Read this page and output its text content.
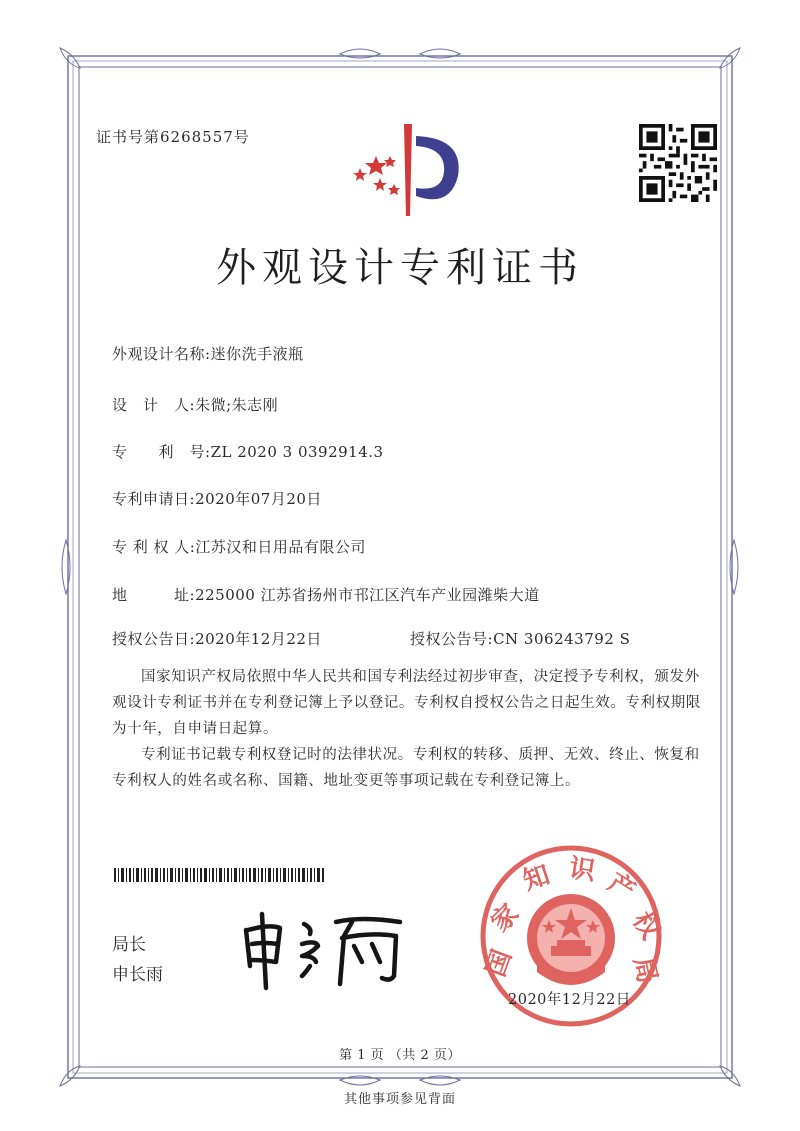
证书号第6268557号
外观设计专利证书
外观设计名称:迷你洗手液瓶
设　计　人:朱微;朱志刚
专　　利　号:ZL 2020 3 0392914.3
专利申请日:2020年07月20日
专 利 权 人:江苏汉和日用品有限公司
地　　　址:225000 江苏省扬州市邗江区汽车产业园潍柴大道
授权公告日:2020年12月22日	授权公告号:CN 306243792 S

国家知识产权局依照中华人民共和国专利法经过初步审查，决定授予专利权，颁发外观设计专利证书并在专利登记簿上予以登记。专利权自授权公告之日起生效。专利权期限为十年，自申请日起算。

专利证书记载专利权登记时的法律状况。专利权的转移、质押、无效、终止、恢复和专利权人的姓名或名称、国籍、地址变更等事项记载在专利登记簿上。

局长
申长雨	国
家
知 识 产
权
局
2020年12月22日
第 1 页 （共 2 页）
其他事项参见背面
